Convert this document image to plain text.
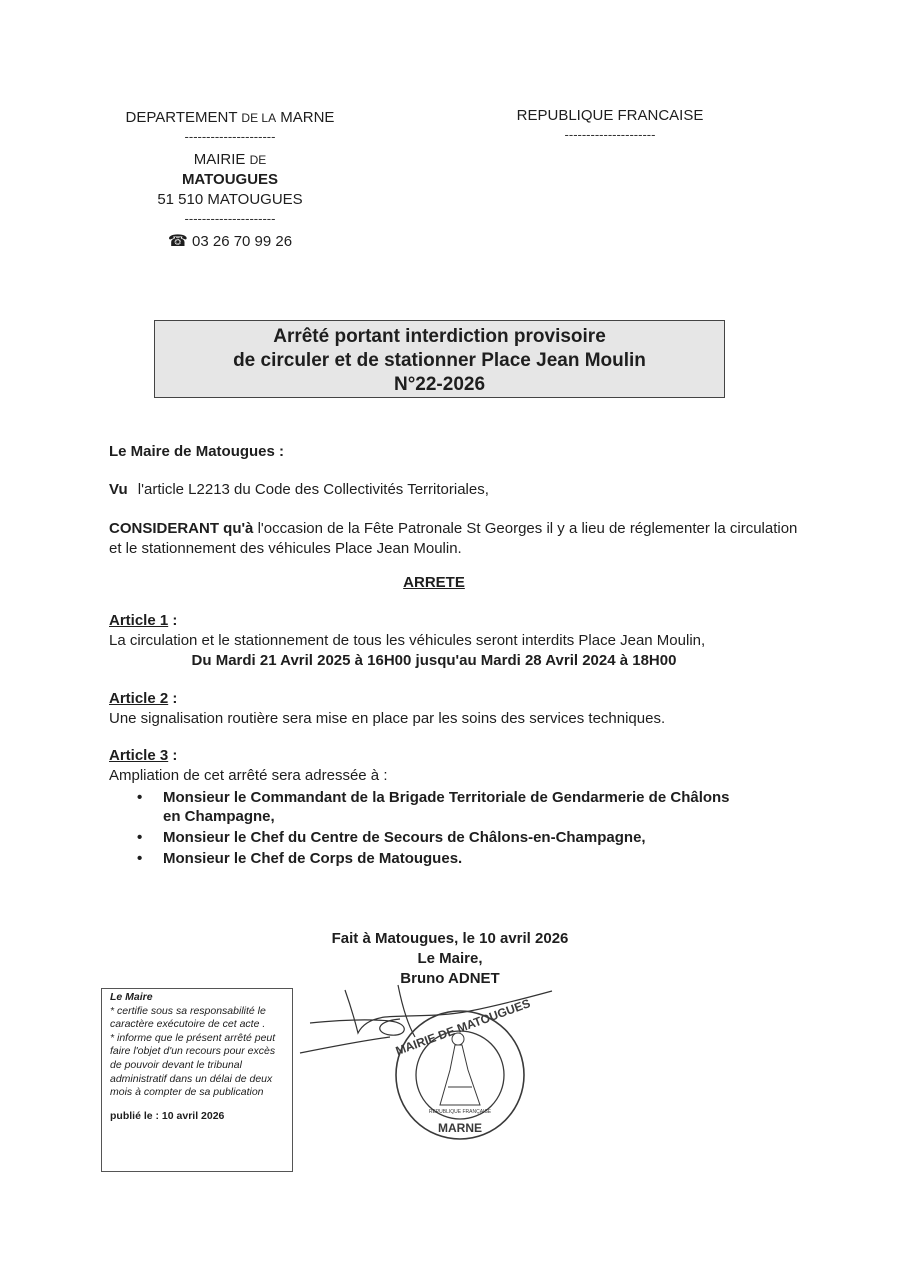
DEPARTEMENT DE LA MARNE
---------------------
MAIRIE DE
MATOUGUES
51 510 MATOUGUES
---------------------
☎ 03 26 70 99 26
REPUBLIQUE FRANCAISE
---------------------
Arrêté portant interdiction provisoire
de circuler et de stationner Place Jean Moulin
N°22-2026
Le Maire de Matougues :
Vu l'article L2213 du Code des Collectivités Territoriales,
CONSIDERANT qu'à l'occasion de la Fête Patronale St Georges il y a lieu de réglementer la circulation et le stationnement des véhicules Place Jean Moulin.
ARRETE
Article 1 :
La circulation et le stationnement de tous les véhicules seront interdits Place Jean Moulin,
Du Mardi 21 Avril 2025 à 16H00 jusqu'au Mardi 28 Avril 2024 à 18H00
Article 2 :
Une signalisation routière sera mise en place par les soins des services techniques.
Article 3 :
Ampliation de cet arrêté sera adressée à :
• Monsieur le Commandant de la Brigade Territoriale de Gendarmerie de Châlons en Champagne,
• Monsieur le Chef du Centre de Secours de Châlons-en-Champagne,
• Monsieur le Chef de Corps de Matougues.
Fait à Matougues, le 10 avril 2026
Le Maire,
Bruno ADNET
MAIRIE DE MATOUGUES
REPUBLIQUE FRANÇAISE
MARNE
Le Maire
* certifie sous sa responsabilité le caractère exécutoire de cet acte .
* informe que le présent arrêté peut faire l'objet d'un recours pour excès de pouvoir devant le tribunal administratif dans un délai de deux mois à compter de sa publication
publié le : 10 avril 2026
